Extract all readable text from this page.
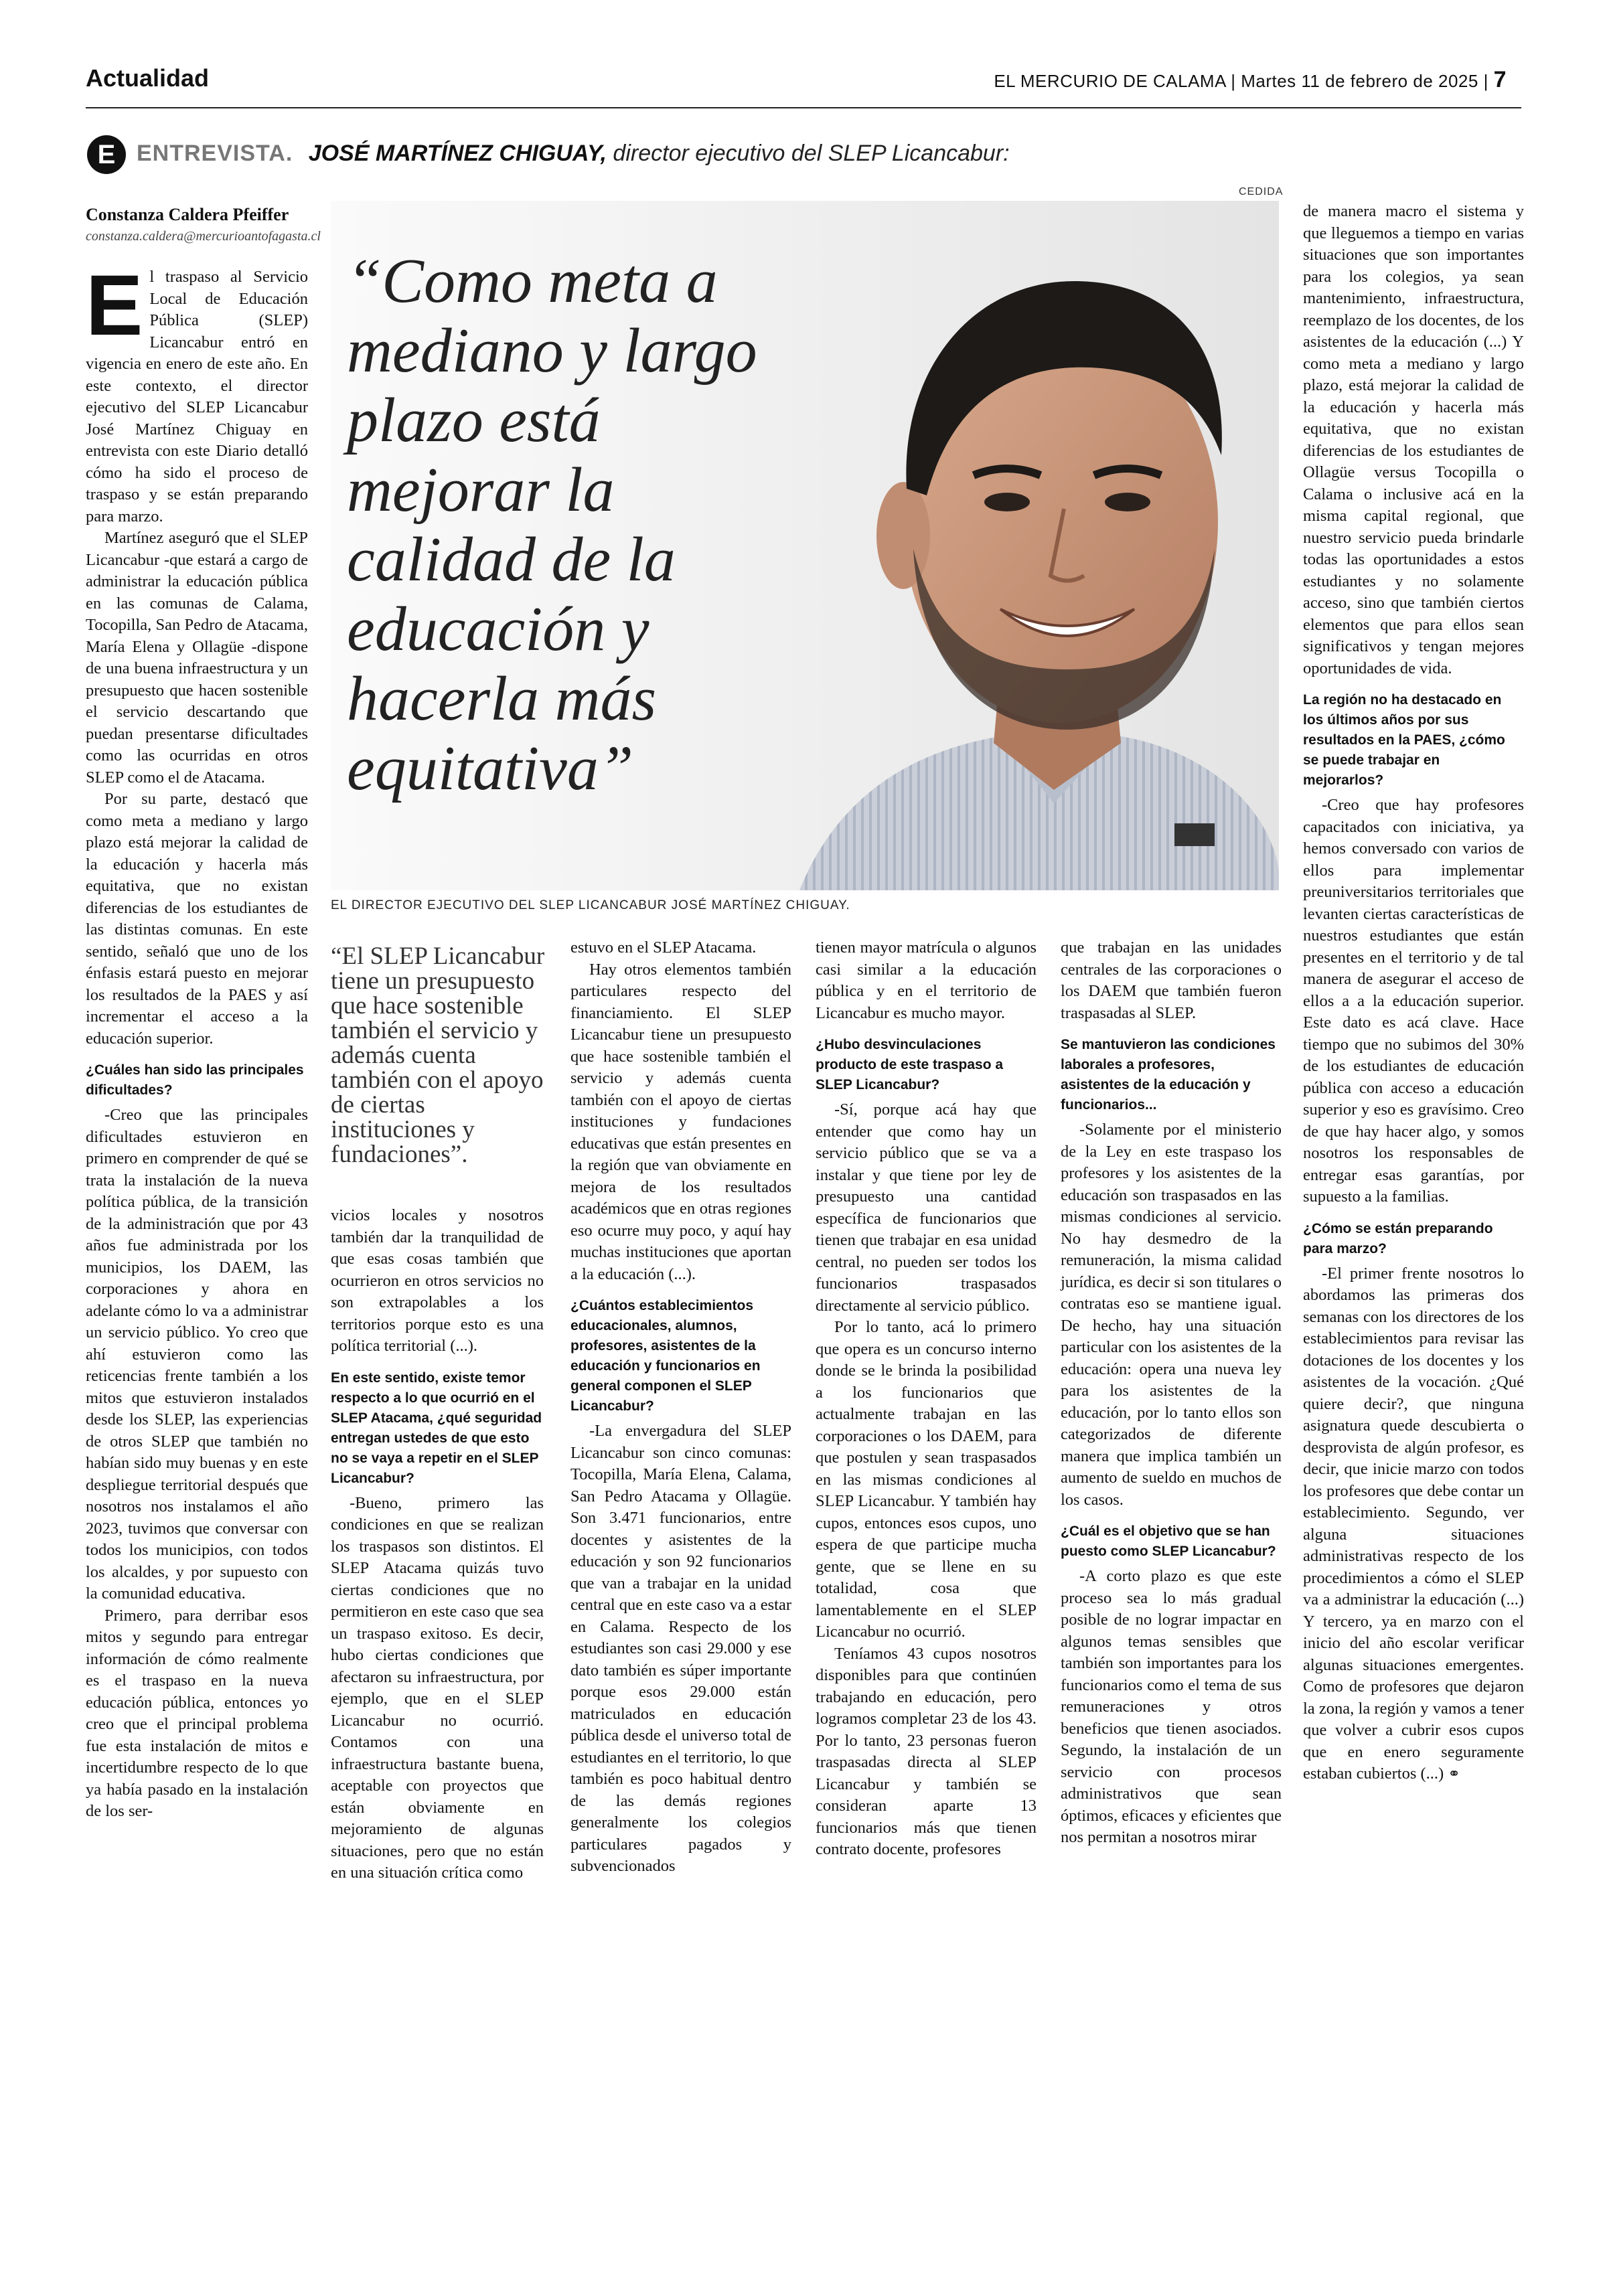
Actualidad	EL MERCURIO DE CALAMA | Martes 11 de febrero de 2025 | 7
E ENTREVISTA. JOSÉ MARTÍNEZ CHIGUAY, director ejecutivo del SLEP Licancabur:
Constanza Caldera Pfeiffer
constanza.caldera@mercurioantofagasta.cl
CEDIDA
EL DIRECTOR EJECUTIVO DEL SLEP LICANCABUR JOSÉ MARTÍNEZ CHIGUAY.
“Como meta a mediano y largo plazo está mejorar la calidad de la educación y hacerla más equitativa”
“El SLEP Licancabur tiene un presupuesto que hace sostenible también el servicio y además cuenta también con el apoyo de ciertas instituciones y fundaciones”.
E l traspaso al Servicio Local de Educación Pública (SLEP) Licancabur entró en vigencia en enero de este año. En este contexto, el director ejecutivo del SLEP Licancabur José Martínez Chiguay en entrevista con este Diario detalló cómo ha sido el proceso de traspaso y se están preparando para marzo.

Martínez aseguró que el SLEP Licancabur -que estará a cargo de administrar la educación pública en las comunas de Calama, Tocopilla, San Pedro de Atacama, María Elena y Ollagüe -dispone de una buena infraestructura y un presupuesto que hacen sostenible el servicio descartando que puedan presentarse dificultades como las ocurridas en otros SLEP como el de Atacama.

Por su parte, destacó que como meta a mediano y largo plazo está mejorar la calidad de la educación y hacerla más equitativa, que no existan diferencias de los estudiantes de las distintas comunas. En este sentido, señaló que uno de los énfasis estará puesto en mejorar los resultados de la PAES y así incrementar el acceso a la educación superior.

¿Cuáles han sido las principales dificultades?

-Creo que las principales dificultades estuvieron en primero en comprender de qué se trata la instalación de la nueva política pública, de la transición de la administración que por 43 años fue administrada por los municipios, los DAEM, las corporaciones y ahora en adelante cómo lo va a administrar un servicio público. Yo creo que ahí estuvieron como las reticencias frente también a los mitos que estuvieron instalados desde los SLEP, las experiencias de otros SLEP que también no habían sido muy buenas y en este despliegue territorial después que nosotros nos instalamos el año 2023, tuvimos que conversar con todos los municipios, con todos los alcaldes, y por supuesto con la comunidad educativa.

Primero, para derribar esos mitos y segundo para entregar información de cómo realmente es el traspaso en la nueva educación pública, entonces yo creo que el principal problema fue esta instalación de mitos e incertidumbre respecto de lo que ya había pasado en la instalación de los ser-

vicios locales y nosotros también dar la tranquilidad de que esas cosas también que ocurrieron en otros servicios no son extrapolables a los territorios porque esto es una política territorial (...).

En este sentido, existe temor respecto a lo que ocurrió en el SLEP Atacama, ¿qué seguridad entregan ustedes de que esto no se vaya a repetir en el SLEP Licancabur?

-Bueno, primero las condiciones en que se realizan los traspasos son distintos. El SLEP Atacama quizás tuvo ciertas condiciones que no permitieron en este caso que sea un traspaso exitoso. Es decir, hubo ciertas condiciones que afectaron su infraestructura, por ejemplo, que en el SLEP Licancabur no ocurrió. Contamos con una infraestructura bastante buena, aceptable con proyectos que están obviamente en mejoramiento de algunas situaciones, pero que no están en una situación crítica como

estuvo en el SLEP Atacama.

Hay otros elementos también particulares respecto del financiamiento. El SLEP Licancabur tiene un presupuesto que hace sostenible también el servicio y además cuenta también con el apoyo de ciertas instituciones y fundaciones educativas que están presentes en la región que van obviamente en mejora de los resultados académicos que en otras regiones eso ocurre muy poco, y aquí hay muchas instituciones que aportan a la educación (...).

¿Cuántos establecimientos educacionales, alumnos, profesores, asistentes de la educación y funcionarios en general componen el SLEP Licancabur?

-La envergadura del SLEP Licancabur son cinco comunas: Tocopilla, María Elena, Calama, San Pedro Atacama y Ollagüe. Son 3.471 funcionarios, entre docentes y asistentes de la educación y son 92 funcionarios que van a trabajar en la unidad central que en este caso va a estar en Calama. Respecto de los estudiantes son casi 29.000 y ese dato también es súper importante porque esos 29.000 están matriculados en educación pública desde el universo total de estudiantes en el territorio, lo que también es poco habitual dentro de las demás regiones generalmente los colegios particulares pagados y subvencionados

tienen mayor matrícula o algunos casi similar a la educación pública y en el territorio de Licancabur es mucho mayor.

¿Hubo desvinculaciones producto de este traspaso a SLEP Licancabur?

-Sí, porque acá hay que entender que como hay un servicio público que se va a instalar y que tiene por ley de presupuesto una cantidad específica de funcionarios que tienen que trabajar en esa unidad central, no pueden ser todos los funcionarios traspasados directamente al servicio público.

Por lo tanto, acá lo primero que opera es un concurso interno donde se le brinda la posibilidad a los funcionarios que actualmente trabajan en las corporaciones o los DAEM, para que postulen y sean traspasados en las mismas condiciones al SLEP Licancabur. Y también hay cupos, entonces esos cupos, uno espera de que participe mucha gente, que se llene en su totalidad, cosa que lamentablemente en el SLEP Licancabur no ocurrió.

Teníamos 43 cupos nosotros disponibles para que continúen trabajando en educación, pero logramos completar 23 de los 43. Por lo tanto, 23 personas fueron traspasadas directa al SLEP Licancabur y también se consideran aparte 13 funcionarios más que tienen contrato docente, profesores

que trabajan en las unidades centrales de las corporaciones o los DAEM que también fueron traspasadas al SLEP.

Se mantuvieron las condiciones laborales a profesores, asistentes de la educación y funcionarios...

-Solamente por el ministerio de la Ley en este traspaso los profesores y los asistentes de la educación son traspasados en las mismas condiciones al servicio. No hay desmedro de la remuneración, la misma calidad jurídica, es decir si son titulares o contratas eso se mantiene igual. De hecho, hay una situación particular con los asistentes de la educación: opera una nueva ley para los asistentes de la educación, por lo tanto ellos son categorizados de diferente manera que implica también un aumento de sueldo en muchos de los casos.

¿Cuál es el objetivo que se han puesto como SLEP Licancabur?

-A corto plazo es que este proceso sea lo más gradual posible de no lograr impactar en algunos temas sensibles que también son importantes para los funcionarios como el tema de sus remuneraciones y otros beneficios que tienen asociados. Segundo, la instalación de un servicio con procesos administrativos que sean óptimos, eficaces y eficientes que nos permitan a nosotros mirar

de manera macro el sistema y que lleguemos a tiempo en varias situaciones que son importantes para los colegios, ya sean mantenimiento, infraestructura, reemplazo de los docentes, de los asistentes de la educación (...) Y como meta a mediano y largo plazo, está mejorar la calidad de la educación y hacerla más equitativa, que no existan diferencias de los estudiantes de Ollagüe versus Tocopilla o Calama o inclusive acá en la misma capital regional, que nuestro servicio pueda brindarle todas las oportunidades a estos estudiantes y no solamente acceso, sino que también ciertos elementos que para ellos sean significativos y tengan mejores oportunidades de vida.

La región no ha destacado en los últimos años por sus resultados en la PAES, ¿cómo se puede trabajar en mejorarlos?

-Creo que hay profesores capacitados con iniciativa, ya hemos conversado con varios de ellos para implementar preuniversitarios territoriales que levanten ciertas características de nuestros estudiantes que están presentes en el territorio y de tal manera de asegurar el acceso de ellos a a la educación superior. Este dato es acá clave. Hace tiempo que no subimos del 30% de los estudiantes de educación pública con acceso a educación superior y eso es gravísimo. Creo de que hay hacer algo, y somos nosotros los responsables de entregar esas garantías, por supuesto a la familias.

¿Cómo se están preparando para marzo?

-El primer frente nosotros lo abordamos las primeras dos semanas con los directores de los establecimientos para revisar las dotaciones de los docentes y los asistentes de la vocación. ¿Qué quiere decir?, que ninguna asignatura quede descubierta o desprovista de algún profesor, es decir, que inicie marzo con todos los profesores que debe contar un establecimiento. Segundo, ver alguna situaciones administrativas respecto de los procedimientos a cómo el SLEP va a administrar la educación (...) Y tercero, ya en marzo con el inicio del año escolar verificar algunas situaciones emergentes. Como de profesores que dejaron la zona, la región y vamos a tener que volver a cubrir esos cupos que en enero seguramente estaban cubiertos (...) ⚭
